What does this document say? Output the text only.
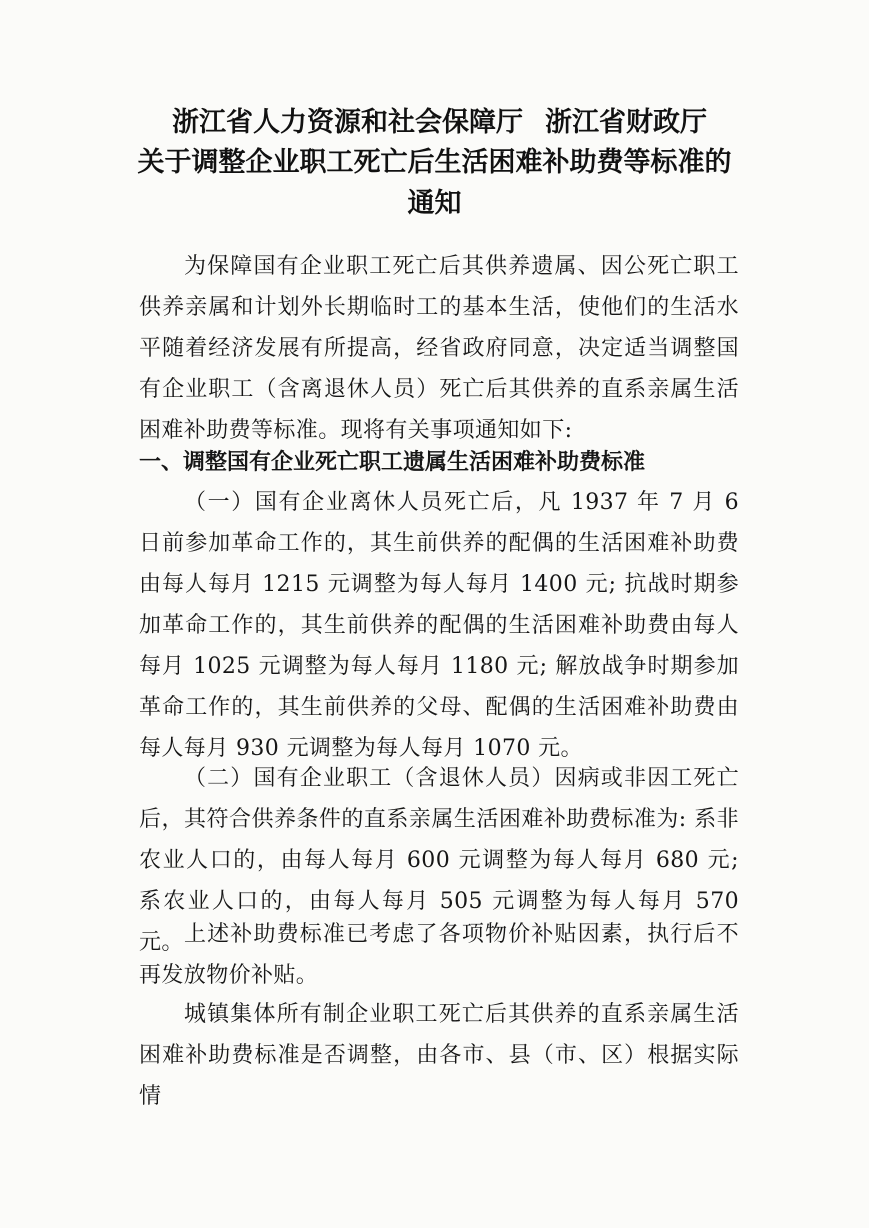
浙江省人力资源和社会保障厅 浙江省财政厅
关于调整企业职工死亡后生活困难补助费等标准的
通知

为保障国有企业职工死亡后其供养遗属、因公死亡职工供养亲属和计划外长期临时工的基本生活，使他们的生活水平随着经济发展有所提高，经省政府同意，决定适当调整国有企业职工（含离退休人员）死亡后其供养的直系亲属生活困难补助费等标准。现将有关事项通知如下:

一、调整国有企业死亡职工遗属生活困难补助费标准

（一）国有企业离休人员死亡后，凡 1937 年 7 月 6 日前参加革命工作的，其生前供养的配偶的生活困难补助费由每人每月 1215 元调整为每人每月 1400 元; 抗战时期参加革命工作的，其生前供养的配偶的生活困难补助费由每人每月 1025 元调整为每人每月 1180 元; 解放战争时期参加革命工作的，其生前供养的父母、配偶的生活困难补助费由每人每月 930 元调整为每人每月 1070 元。

（二）国有企业职工（含退休人员）因病或非因工死亡后，其符合供养条件的直系亲属生活困难补助费标准为: 系非农业人口的，由每人每月 600 元调整为每人每月 680 元; 系农业人口的，由每人每月 505 元调整为每人每月 570 元。 上述补助费标准已考虑了各项物价补贴因素，执行后不再发放物价补贴。

城镇集体所有制企业职工死亡后其供养的直系亲属生活困难补助费标准是否调整，由各市、县（市、区）根据实际情
